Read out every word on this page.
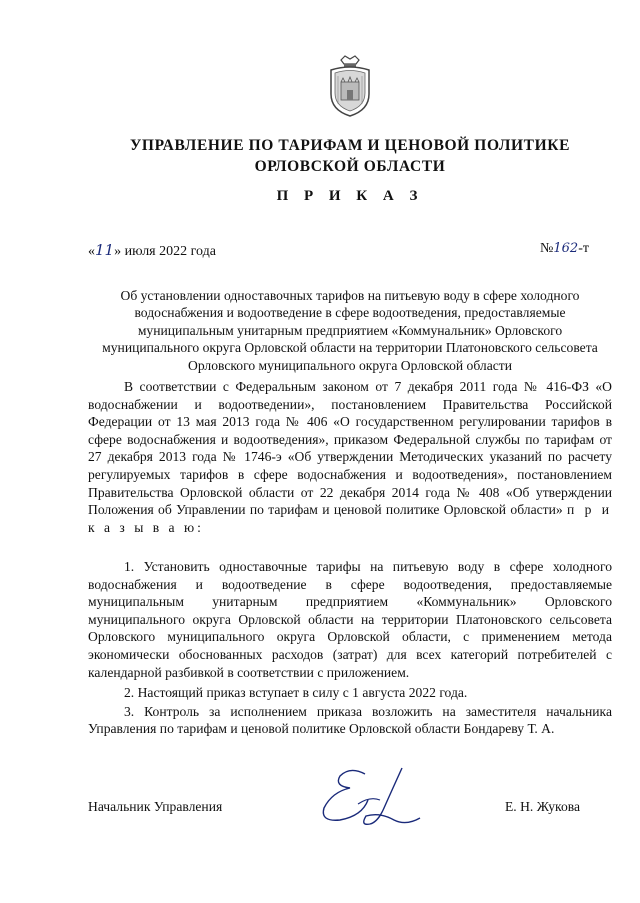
УПРАВЛЕНИЕ ПО ТАРИФАМ И ЦЕНОВОЙ ПОЛИТИКЕ
ОРЛОВСКОЙ ОБЛАСТИ
П Р И К А З
«11» июля 2022 года	№162-т
Об установлении одноставочных тарифов на питьевую воду в сфере холодного водоснабжения и водоотведение в сфере водоотведения, предоставляемые муниципальным унитарным предприятием «Коммунальник» Орловского муниципального округа Орловской области на территории Платоновского сельсовета Орловского муниципального округа Орловской области
В соответствии с Федеральным законом от 7 декабря 2011 года № 416-ФЗ «О водоснабжении и водоотведении», постановлением Правительства Российской Федерации от 13 мая 2013 года № 406 «О государственном регулировании тарифов в сфере водоснабжения и водоотведения», приказом Федеральной службы по тарифам от 27 декабря 2013 года № 1746-э «Об утверждении Методических указаний по расчету регулируемых тарифов в сфере водоснабжения и водоотведения», постановлением Правительства Орловской области от 22 декабря 2014 года № 408 «Об утверждении Положения об Управлении по тарифам и ценовой политике Орловской области» п р и к а з ы в а ю:

1. Установить одноставочные тарифы на питьевую воду в сфере холодного водоснабжения и водоотведение в сфере водоотведения, предоставляемые муниципальным унитарным предприятием «Коммунальник» Орловского муниципального округа Орловской области на территории Платоновского сельсовета Орловского муниципального округа Орловской области, с применением метода экономически обоснованных расходов (затрат) для всех категорий потребителей с календарной разбивкой в соответствии с приложением.

2. Настоящий приказ вступает в силу с 1 августа 2022 года.

3. Контроль за исполнением приказа возложить на заместителя начальника Управления по тарифам и ценовой политике Орловской области Бондареву Т. А.

Начальник Управления	Е. Н. Жукова
